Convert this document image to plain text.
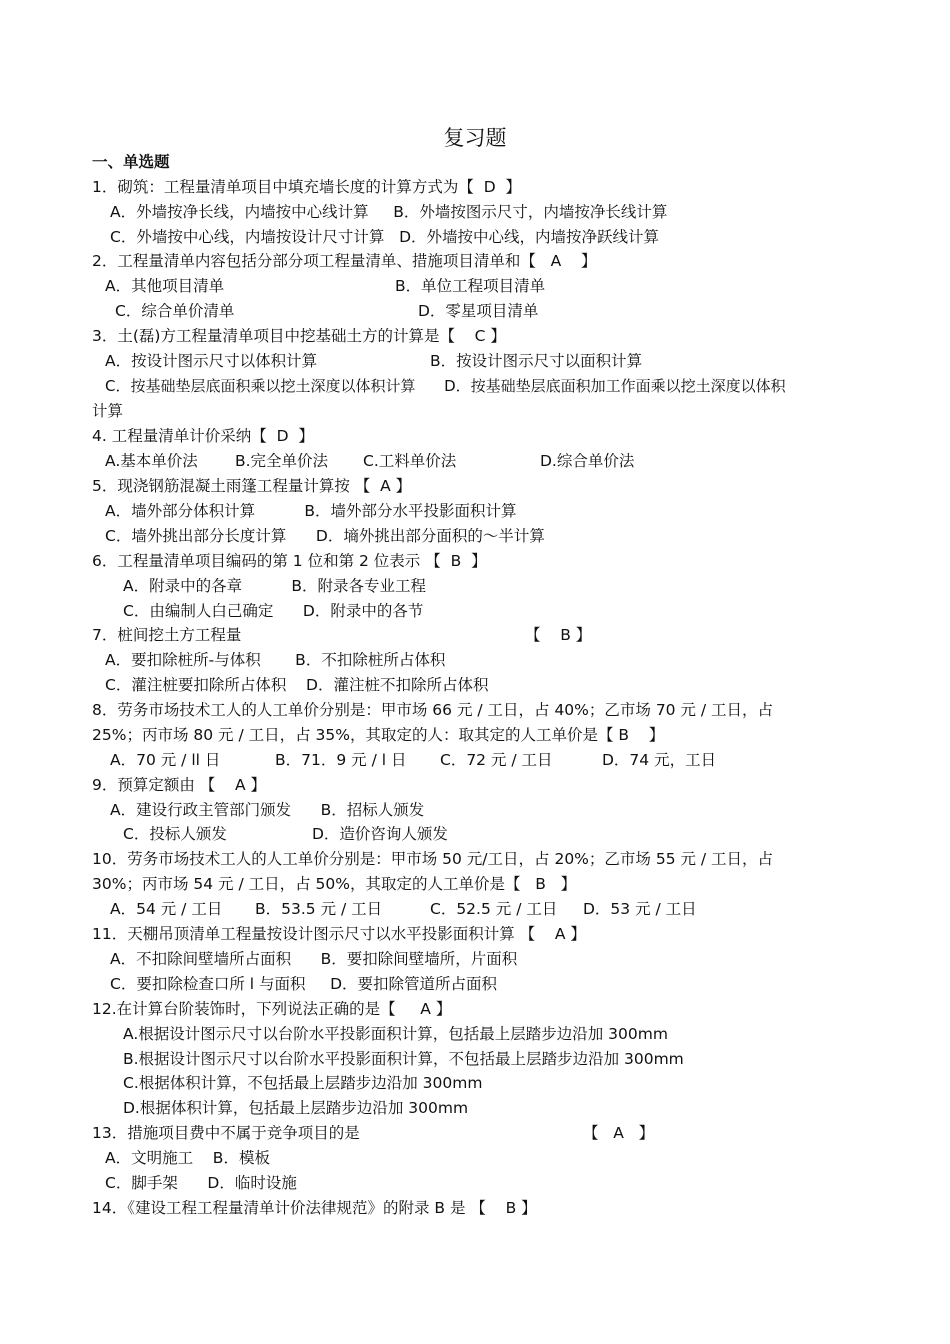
复习题
一、单选题
1．砌筑：工程量清单项目中填充墙长度的计算方式为【  D  】
A．外墙按净长线，内墙按中心线计算     B．外墙按图示尺寸，内墙按净长线计算
C．外墙按中心线，内墙按设计尺寸计算   D．外墙按中心线，内墙按净跃线计算
2．工程量清单内容包括分部分项工程量清单、措施项目清单和【   A    】
A．其他项目清单	B．单位工程项目清单
C．综合单价清单	D．零星项目清单
3．土(磊)方工程量清单项目中挖基础土方的计算是【    C 】
A．按设计图示尺寸以体积计算	B．按设计图示尺寸以面积计算
C．按基础垫层底面积乘以挖土深度以体积计算      D．按基础垫层底面积加工作面乘以挖土深度以体积
计算
4. 工程量清单计价采纳【  D  】
A.基本单价法 B.完全单价法 C.工料单价法	D.综合单价法
5．现浇钢筋混凝土雨篷工程量计算按 【  A 】
A．墙外部分体积计算          B．墙外部分水平投影面积计算
C．墙外挑出部分长度计算      D．墒外挑出部分面积的～半计算
6．工程量清单项目编码的第 1 位和第 2 位表示 【  B  】
A．附录中的各章          B．附录各专业工程
C．由编制人白己确定      D．附录中的各节
7．桩间挖土方工程量	【    B 】
A．要扣除桩所-与体积       B．不扣除桩所占体积
C．灌注桩要扣除所占体积    D．灌注桩不扣除所占体积
8．劳务市场技术工人的人工单价分别是：甲市场 66 元 / 工日，占 40%；乙市场 70 元 / 工日，占
25%；丙市场 80 元 / 工日，占 35%，其取定的人：取其定的人工单价是【 B    】
A．70 元 / ll 日	B．71．9 元 / l 日 C．72 元 / 工日	D．74 元，工日
9．预算定额由 【    A 】
A．建设行政主管部门颁发      B．招标人颁发
C．投标人颁发	D．造价咨询人颁发
10．劳务市场技术工人的人工单价分别是：甲市场 50 元/工日，占 20%；乙市场 55 元 / 工日，占
30%；丙市场 54 元 / 工日，占 50%，其取定的人工单价是【   B   】
A．54 元 / 工日 B．53.5 元 / 工日	C．52.5 元 / 工日 D．53 元 / 工日
11．天棚吊顶清单工程量按设计图示尺寸以水平投影面积计算 【    A 】
A．不扣除间壁墙所占面积      B．要扣除间壁墙所，片面积
C．要扣除检查口所 l 与面积     D．要扣除管道所占面积
12.在计算台阶装饰时，下列说法正确的是【     A 】
A.根据设计图示尺寸以台阶水平投影面积计算，包括最上层踏步边沿加 300mm
B.根据设计图示尺寸以台阶水平投影面积计算，不包括最上层踏步边沿加 300mm
C.根据体积计算，不包括最上层踏步边沿加 300mm
D.根据体积计算，包括最上层踏步边沿加 300mm
13．措施项目费中不属于竞争项目的是	【   A   】
A．文明施工    B．模板
C．脚手架      D．临时设施
14．《建设工程工程量清单计价法律规范》的附录 B 是 【    B 】
